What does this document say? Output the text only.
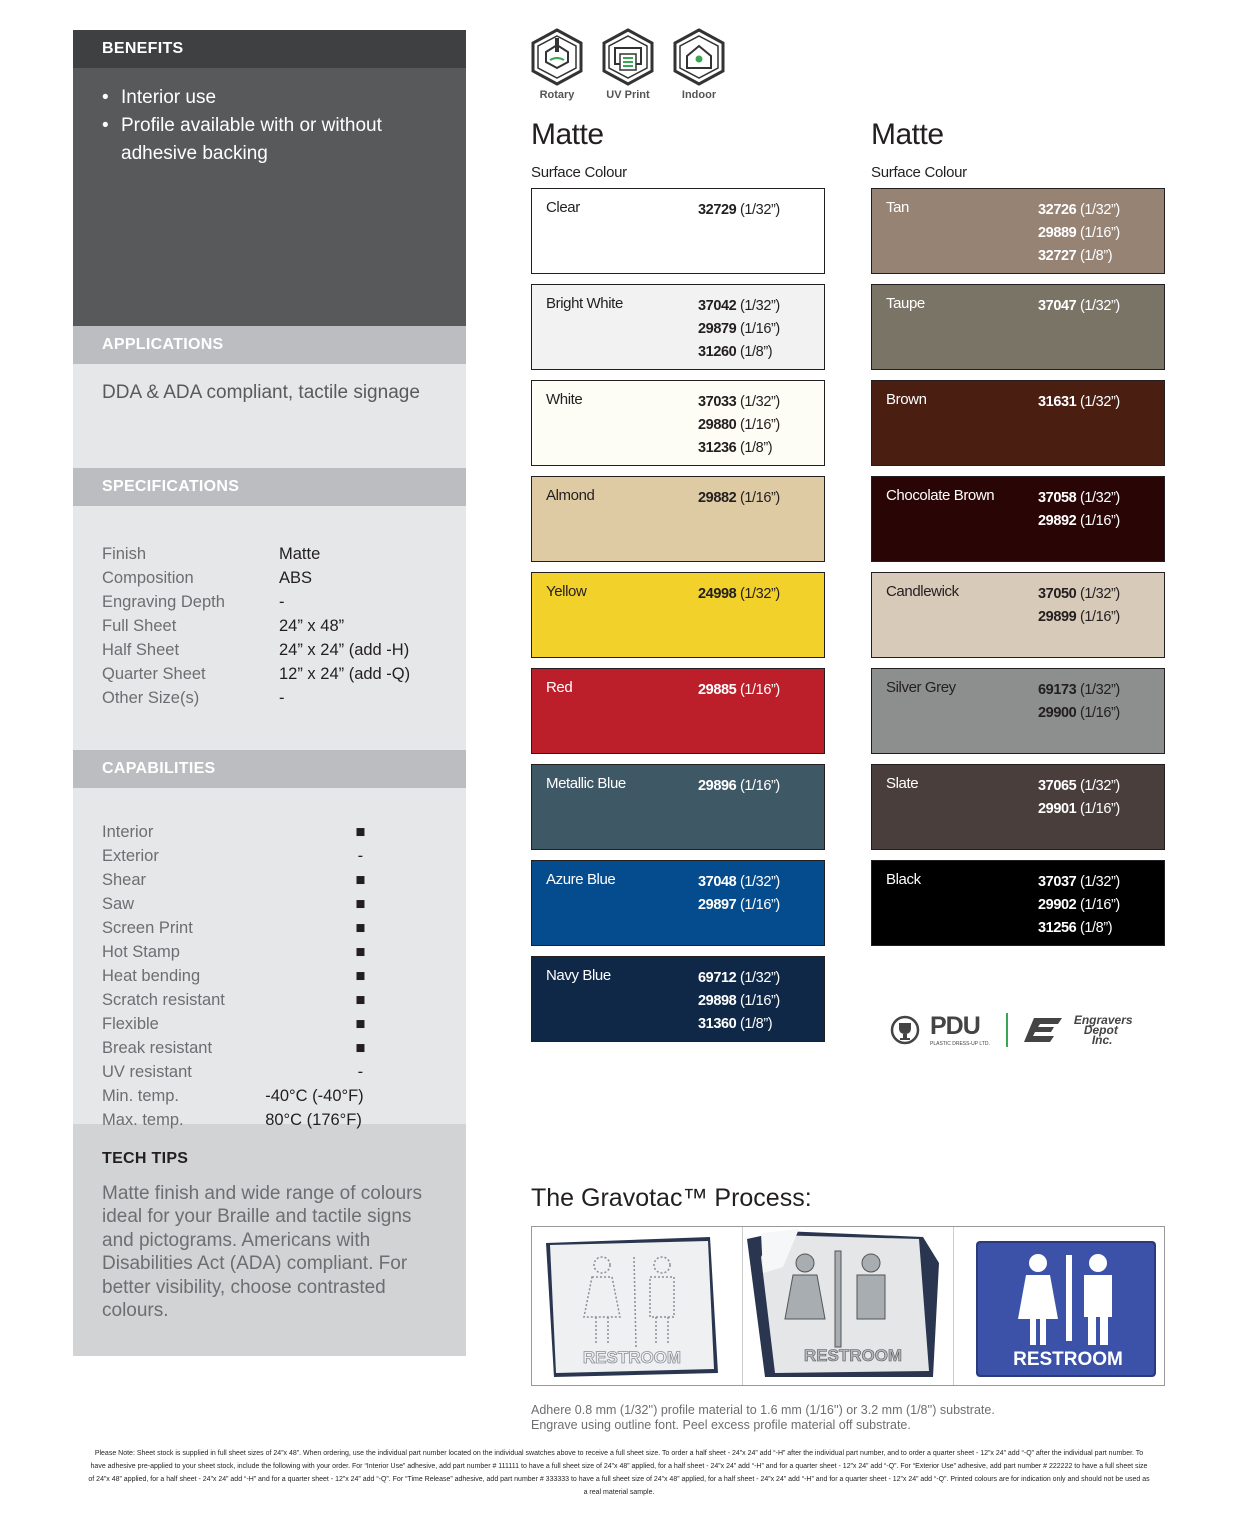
BENEFITS
• Interior use
• Profile available with or without adhesive backing
APPLICATIONS

DDA & ADA compliant, tactile signage

SPECIFICATIONS
Finish	Matte
Composition	ABS
Engraving Depth	-
Full Sheet	24” x 48”
Half Sheet	24” x 24” (add -H)
Quarter Sheet	12” x 24” (add -Q)
Other Size(s)	-
CAPABILITIES
Interior	■
Exterior	-
Shear	■
Saw	■
Screen Print	■
Hot Stamp	■
Heat bending	■
Scratch resistant	■
Flexible	■
Break resistant	■
UV resistant	-
Min. temp.	-40°C (-40°F)
Max. temp.	80°C (176°F)
TECH TIPS

Matte finish and wide range of colours ideal for your Braille and tactile signs and pictograms. Americans with Disabilities Act (ADA) compliant. For better visibility, choose contrasted colours.

Rotary	UV Print	Indoor
Matte
Surface Colour
Clear	32729 (1/32”)
Bright White	37042 (1/32”)
29879 (1/16”)
31260 (1/8”)
White	37033 (1/32”)
29880 (1/16”)
31236 (1/8”)
Almond	29882 (1/16”)
Yellow	24998 (1/32”)
Red	29885 (1/16”)
Metallic Blue	29896 (1/16”)
Azure Blue	37048 (1/32”)
29897 (1/16”)
Navy Blue	69712 (1/32”)
29898 (1/16”)
31360 (1/8”)
Matte
Surface Colour
Tan	32726 (1/32”)
29889 (1/16”)
32727 (1/8”)
Taupe	37047 (1/32”)
Brown	31631 (1/32”)
Chocolate Brown	37058 (1/32”)
29892 (1/16”)
Candlewick	37050 (1/32”)
29899 (1/16”)
Silver Grey	69173 (1/32”)
29900 (1/16”)
Slate	37065 (1/32”)
29901 (1/16”)
Black	37037 (1/32”)
29902 (1/16”)
31256 (1/8”)
PDU
PLASTIC DRESS-UP LTD.
Engravers
Depot
Inc.
The Gravotac™ Process:
RESTROOM	RESTROOM	RESTROOM
Adhere 0.8 mm (1/32'') profile material to 1.6 mm (1/16'') or 3.2 mm (1/8'') substrate.
Engrave using outline font. Peel excess profile material off substrate.
Please Note: Sheet stock is supplied in full sheet sizes of 24”x 48”. When ordering, use the individual part number located on the individual swatches above to receive a full sheet size. To order a half sheet - 24”x 24” add “-H” after the individual part number, and to order a quarter sheet - 12”x 24” add “-Q” after the individual part number. To have adhesive pre-applied to your sheet stock, include the following with your order. For “Interior Use” adhesive, add part number # 111111 to have a full sheet size of 24”x 48” applied, for a half sheet - 24”x 24” add “-H” and for a quarter sheet - 12”x 24” add “-Q”. For “Exterior Use” adhesive, add part number # 222222 to have a full sheet size of 24”x 48” applied, for a half sheet - 24”x 24” add “-H” and for a quarter sheet - 12”x 24” add “-Q”. For “Time Release” adhesive, add part number # 333333 to have a full sheet size of 24”x 48” applied, for a half sheet - 24”x 24” add “-H” and for a quarter sheet - 12”x 24” add “-Q”. Printed colours are for indication only and should not be used as a real material sample.
